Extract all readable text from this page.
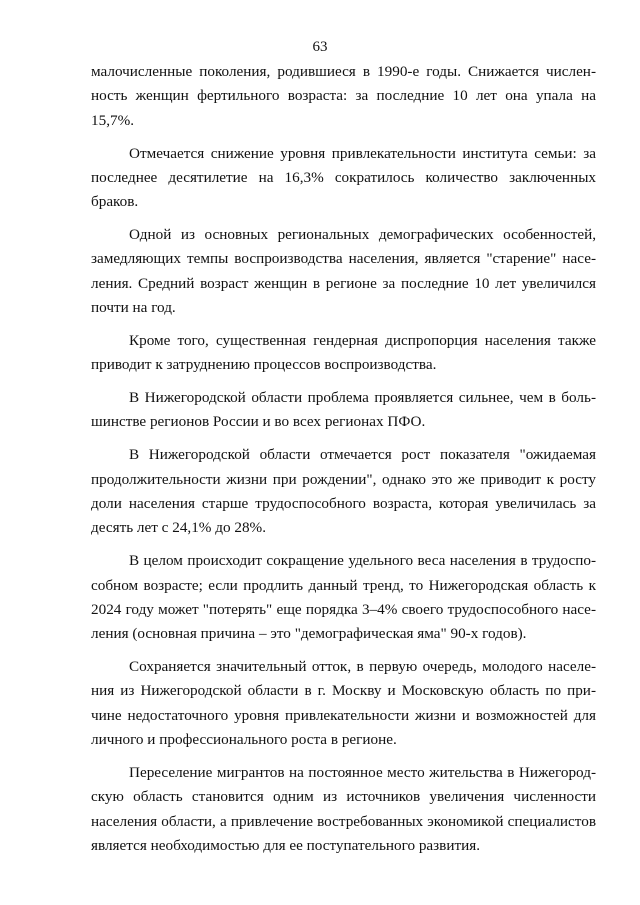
63

малочисленные поколения, родившиеся в 1990-е годы. Снижается численность женщин фертильного возраста: за последние 10 лет она упала на 15,7%.

Отмечается снижение уровня привлекательности института семьи: за последнее десятилетие на 16,3% сократилось количество заключенных браков.

Одной из основных региональных демографических особенностей, замедляющих темпы воспроизводства населения, является "старение" населения. Средний возраст женщин в регионе за последние 10 лет увеличился почти на год.

Кроме того, существенная гендерная диспропорция населения также приводит к затруднению процессов воспроизводства.

В Нижегородской области проблема проявляется сильнее, чем в большинстве регионов России и во всех регионах ПФО.

В Нижегородской области отмечается рост показателя "ожидаемая продолжительности жизни при рождении", однако это же приводит к росту доли населения старше трудоспособного возраста, которая увеличилась за десять лет с 24,1% до 28%.

В целом происходит сокращение удельного веса населения в трудоспособном возрасте; если продлить данный тренд, то Нижегородская область к 2024 году может "потерять" еще порядка 3–4% своего трудоспособного населения (основная причина – это "демографическая яма" 90-х годов).

Сохраняется значительный отток, в первую очередь, молодого населения из Нижегородской области в г. Москву и Московскую область по причине недостаточного уровня привлекательности жизни и возможностей для личного и профессионального роста в регионе.

Переселение мигрантов на постоянное место жительства в Нижегородскую область становится одним из источников увеличения численности населения области, а привлечение востребованных экономикой специалистов является необходимостью для ее поступательного развития.
